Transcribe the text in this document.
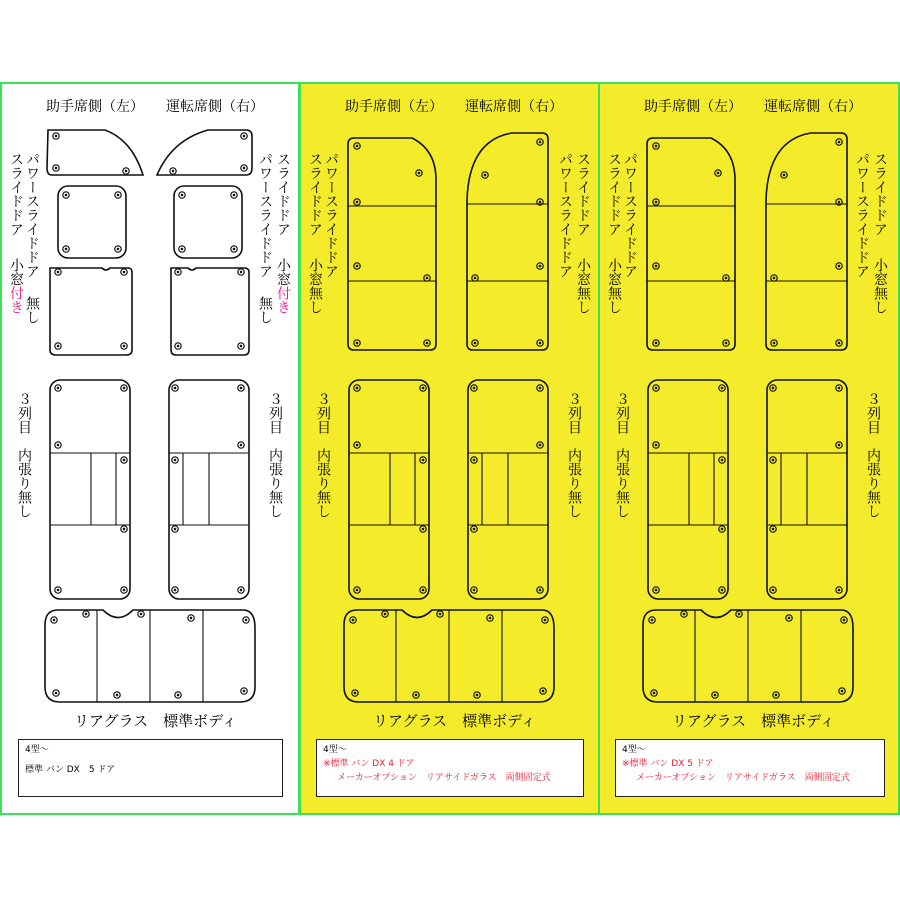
助手席側（左） 運転席側（右）
パワースライドドア
スライドドア
小窓付き 無し
スライドドア
パワースライドドア 小窓付き
無し
３列目　内張り無し	３列目　内張り無し
リアグラス　標準ボディ
4型～
標準 バン DX　5 ドア
助手席側（左） 運転席側（右）
パワースライドドア
スライドドア
小窓無し
スライドドア
パワースライドドア
小窓無し
３列目　内張り無し	３列目　内張り無し
リアグラス　標準ボディ
4型～
※標準 バン DX 4 ドア
メーカーオプション　リアサイドガラス　両側固定式
助手席側（左） 運転席側（右）
パワースライドドア
スライドドア
小窓無し
スライドドア
パワースライドドア
小窓無し
３列目　内張り無し	３列目　内張り無し
リアグラス　標準ボディ
4型～
※標準 バン DX 5 ドア
メーカーオプション　リアサイドガラス　両側固定式
